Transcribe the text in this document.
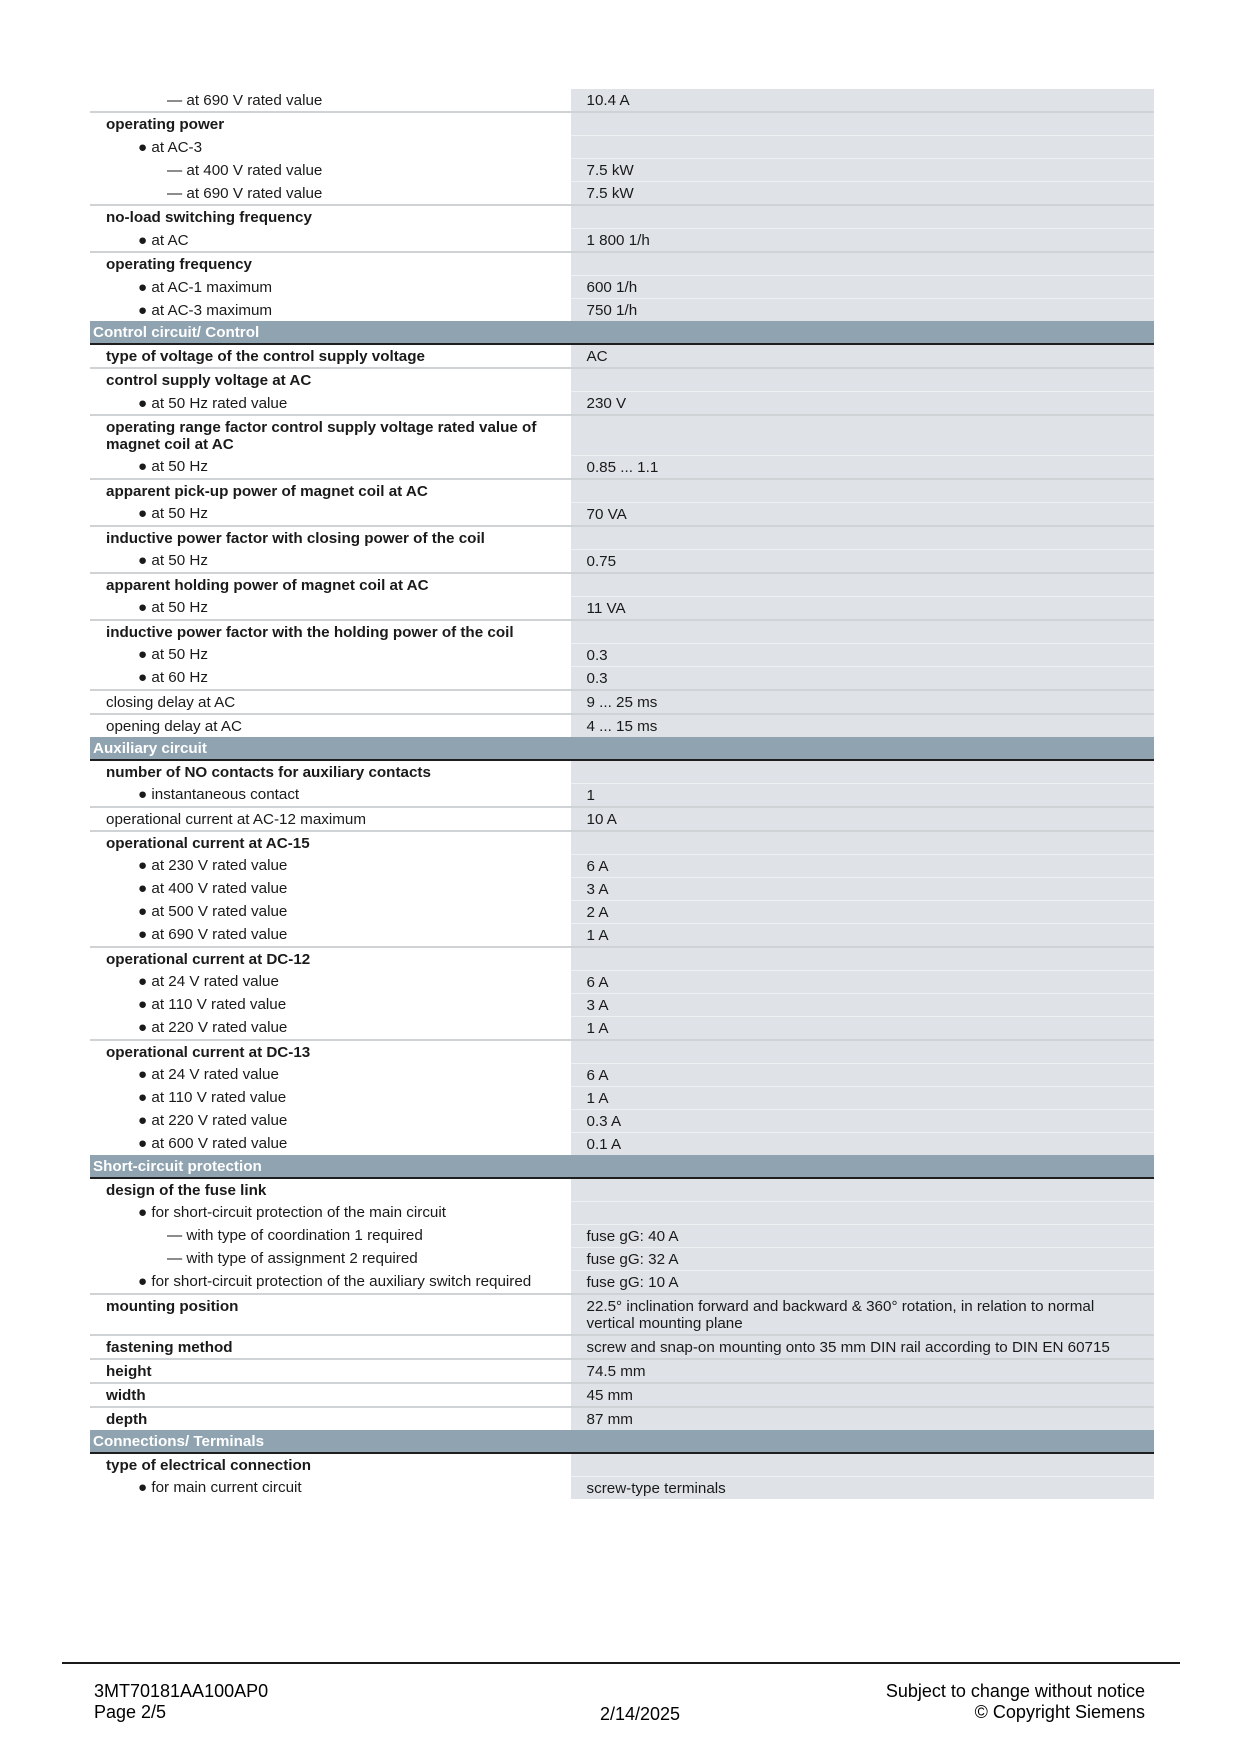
— at 690 V rated value	10.4 A
operating power	
● at AC-3	
— at 400 V rated value	7.5 kW
— at 690 V rated value	7.5 kW
no-load switching frequency	
● at AC	1 800 1/h
operating frequency	
● at AC-1 maximum	600 1/h
● at AC-3 maximum	750 1/h
Control circuit/ Control	
type of voltage of the control supply voltage	AC
control supply voltage at AC	
● at 50 Hz rated value	230 V
operating range factor control supply voltage rated value of magnet coil at AC	
● at 50 Hz	0.85 ... 1.1
apparent pick-up power of magnet coil at AC	
● at 50 Hz	70 VA
inductive power factor with closing power of the coil	
● at 50 Hz	0.75
apparent holding power of magnet coil at AC	
● at 50 Hz	11 VA
inductive power factor with the holding power of the coil	
● at 50 Hz	0.3
● at 60 Hz	0.3
closing delay at AC	9 ... 25 ms
opening delay at AC	4 ... 15 ms
Auxiliary circuit	
number of NO contacts for auxiliary contacts	
● instantaneous contact	1
operational current at AC-12 maximum	10 A
operational current at AC-15	
● at 230 V rated value	6 A
● at 400 V rated value	3 A
● at 500 V rated value	2 A
● at 690 V rated value	1 A
operational current at DC-12	
● at 24 V rated value	6 A
● at 110 V rated value	3 A
● at 220 V rated value	1 A
operational current at DC-13	
● at 24 V rated value	6 A
● at 110 V rated value	1 A
● at 220 V rated value	0.3 A
● at 600 V rated value	0.1 A
Short-circuit protection	
design of the fuse link	
● for short-circuit protection of the main circuit	
— with type of coordination 1 required	fuse gG: 40 A
— with type of assignment 2 required	fuse gG: 32 A
● for short-circuit protection of the auxiliary switch required	fuse gG: 10 A
mounting position	22.5° inclination forward and backward & 360° rotation, in relation to normal vertical mounting plane
fastening method	screw and snap-on mounting onto 35 mm DIN rail according to DIN EN 60715
height	74.5 mm
width	45 mm
depth	87 mm
Connections/ Terminals	
type of electrical connection	
● for main current circuit	screw-type terminals
3MT70181AA100AP0
Page 2/5	2/14/2025
Subject to change without notice
© Copyright Siemens
